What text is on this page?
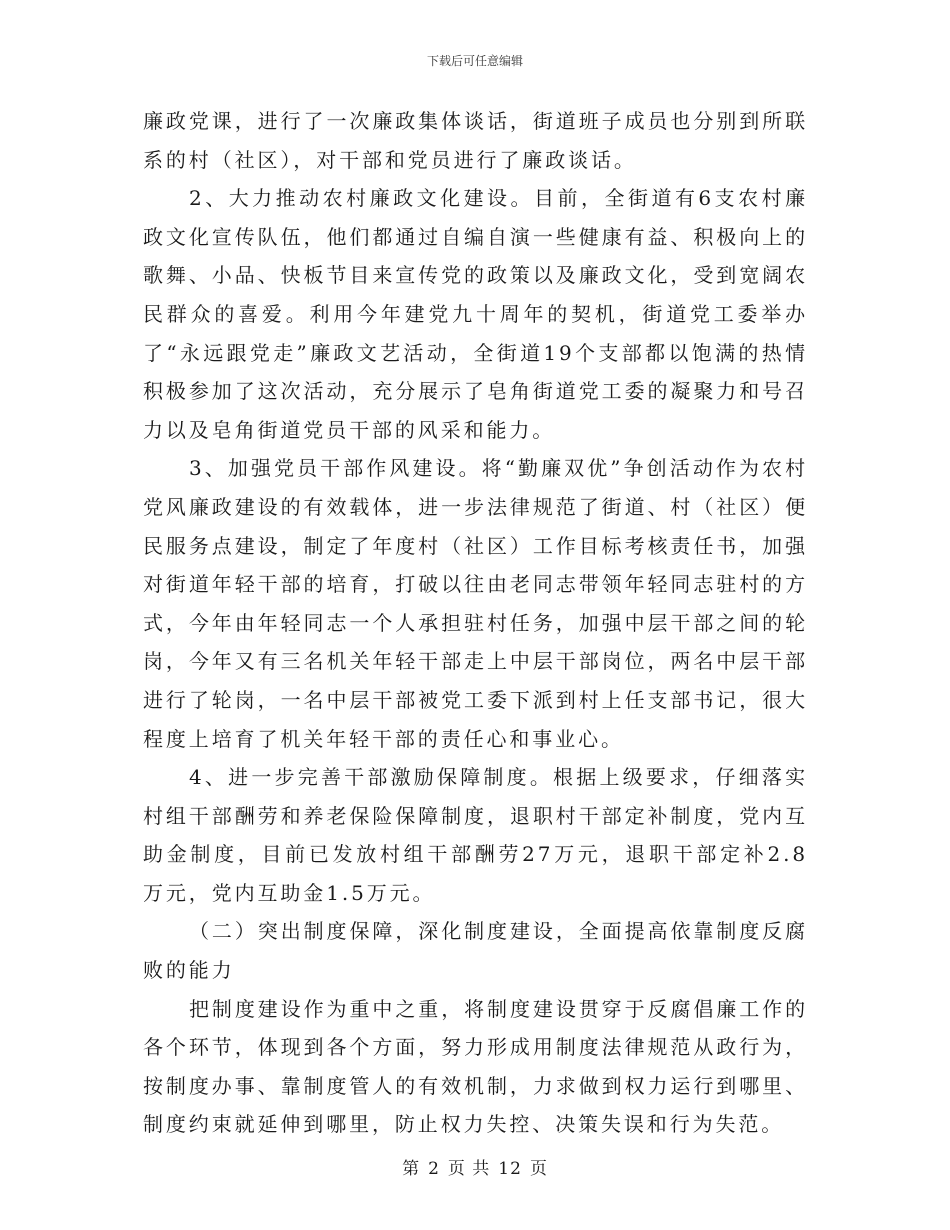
下载后可任意编辑

廉政党课，进行了一次廉政集体谈话，街道班子成员也分别到所联系的村（社区），对干部和党员进行了廉政谈话。

2、大力推动农村廉政文化建设。目前，全街道有6支农村廉政文化宣传队伍，他们都通过自编自演一些健康有益、积极向上的歌舞、小品、快板节目来宣传党的政策以及廉政文化，受到宽阔农民群众的喜爱。利用今年建党九十周年的契机，街道党工委举办了“永远跟党走”廉政文艺活动，全街道19个支部都以饱满的热情积极参加了这次活动，充分展示了皂角街道党工委的凝聚力和号召力以及皂角街道党员干部的风采和能力。

3、加强党员干部作风建设。将“勤廉双优”争创活动作为农村党风廉政建设的有效载体，进一步法律规范了街道、村（社区）便民服务点建设，制定了年度村（社区）工作目标考核责任书，加强对街道年轻干部的培育，打破以往由老同志带领年轻同志驻村的方式，今年由年轻同志一个人承担驻村任务，加强中层干部之间的轮岗，今年又有三名机关年轻干部走上中层干部岗位，两名中层干部进行了轮岗，一名中层干部被党工委下派到村上任支部书记，很大程度上培育了机关年轻干部的责任心和事业心。

4、进一步完善干部激励保障制度。根据上级要求，仔细落实村组干部酬劳和养老保险保障制度，退职村干部定补制度，党内互助金制度，目前已发放村组干部酬劳27万元，退职干部定补2.8万元，党内互助金1.5万元。

（二）突出制度保障，深化制度建设，全面提高依靠制度反腐败的能力

把制度建设作为重中之重，将制度建设贯穿于反腐倡廉工作的各个环节，体现到各个方面，努力形成用制度法律规范从政行为，按制度办事、靠制度管人的有效机制，力求做到权力运行到哪里、制度约束就延伸到哪里，防止权力失控、决策失误和行为失范。

第 2 页 共 12 页
